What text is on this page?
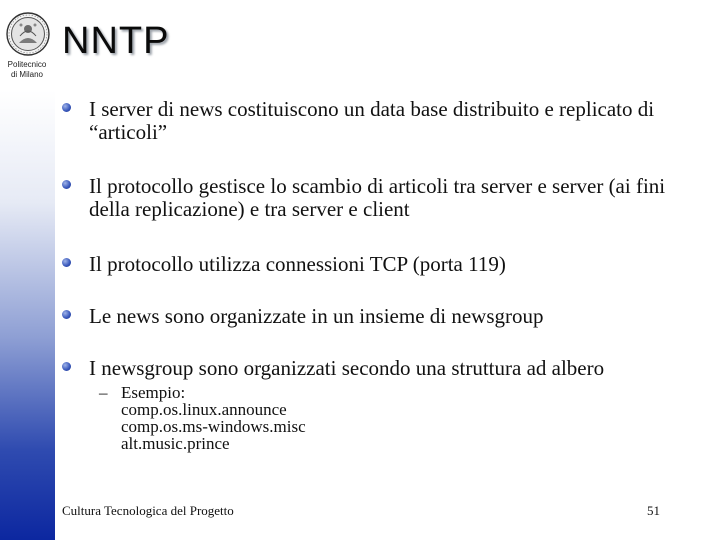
Politecnico
di Milano
NNTP
I server di news costituiscono un data base distribuito e replicato di “articoli”
Il protocollo gestisce lo scambio di articoli tra server e server (ai fini della replicazione) e tra server e client
Il protocollo utilizza connessioni TCP (porta 119)
Le news sono organizzate in un insieme di newsgroup
I newsgroup sono organizzati secondo una struttura ad albero
– Esempio:
comp.os.linux.announce
comp.os.ms-windows.misc
alt.music.prince
Cultura Tecnologica del Progetto	51
